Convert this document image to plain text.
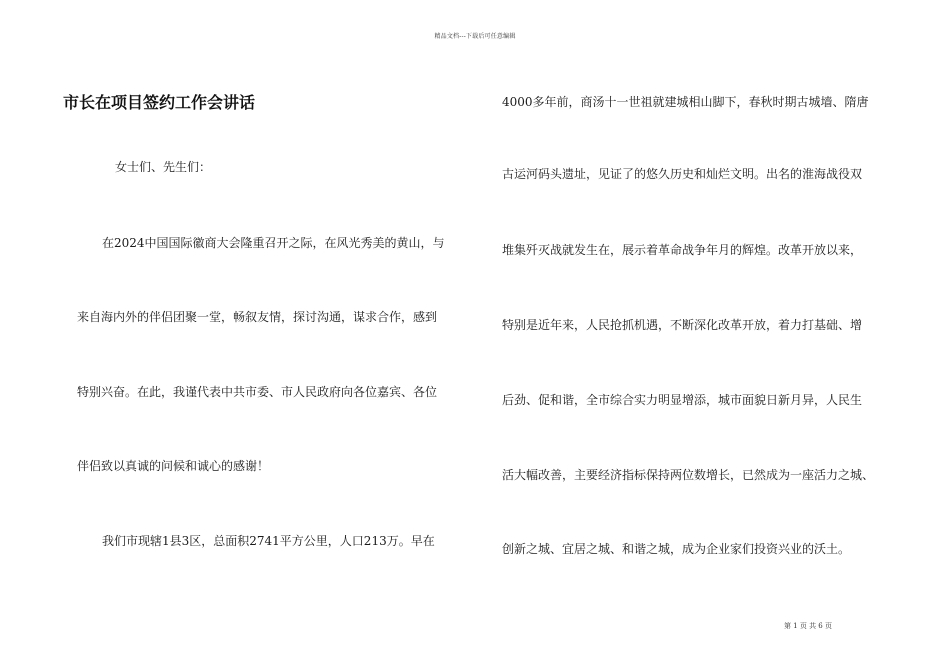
精品文档---下载后可任意编辑
市长在项目签约工作会讲话
女士们、先生们：
在2024中国国际徽商大会隆重召开之际，在风光秀美的黄山，与
来自海内外的伴侣团聚一堂，畅叙友情，探讨沟通，谋求合作，感到
特别兴奋。在此，我谨代表中共市委、市人民政府向各位嘉宾、各位
伴侣致以真诚的问候和诚心的感谢！
我们市现辖1县3区，总面积2741平方公里，人口213万。早在
4000多年前，商汤十一世祖就建城相山脚下，春秋时期古城墙、隋唐
古运河码头遗址，见证了的悠久历史和灿烂文明。出名的淮海战役双
堆集歼灭战就发生在，展示着革命战争年月的辉煌。改革开放以来，
特别是近年来，人民抢抓机遇，不断深化改革开放，着力打基础、增
后劲、促和谐，全市综合实力明显增添，城市面貌日新月异，人民生
活大幅改善，主要经济指标保持两位数增长，已然成为一座活力之城、
创新之城、宜居之城、和谐之城，成为企业家们投资兴业的沃土。
第 1 页 共 6 页
